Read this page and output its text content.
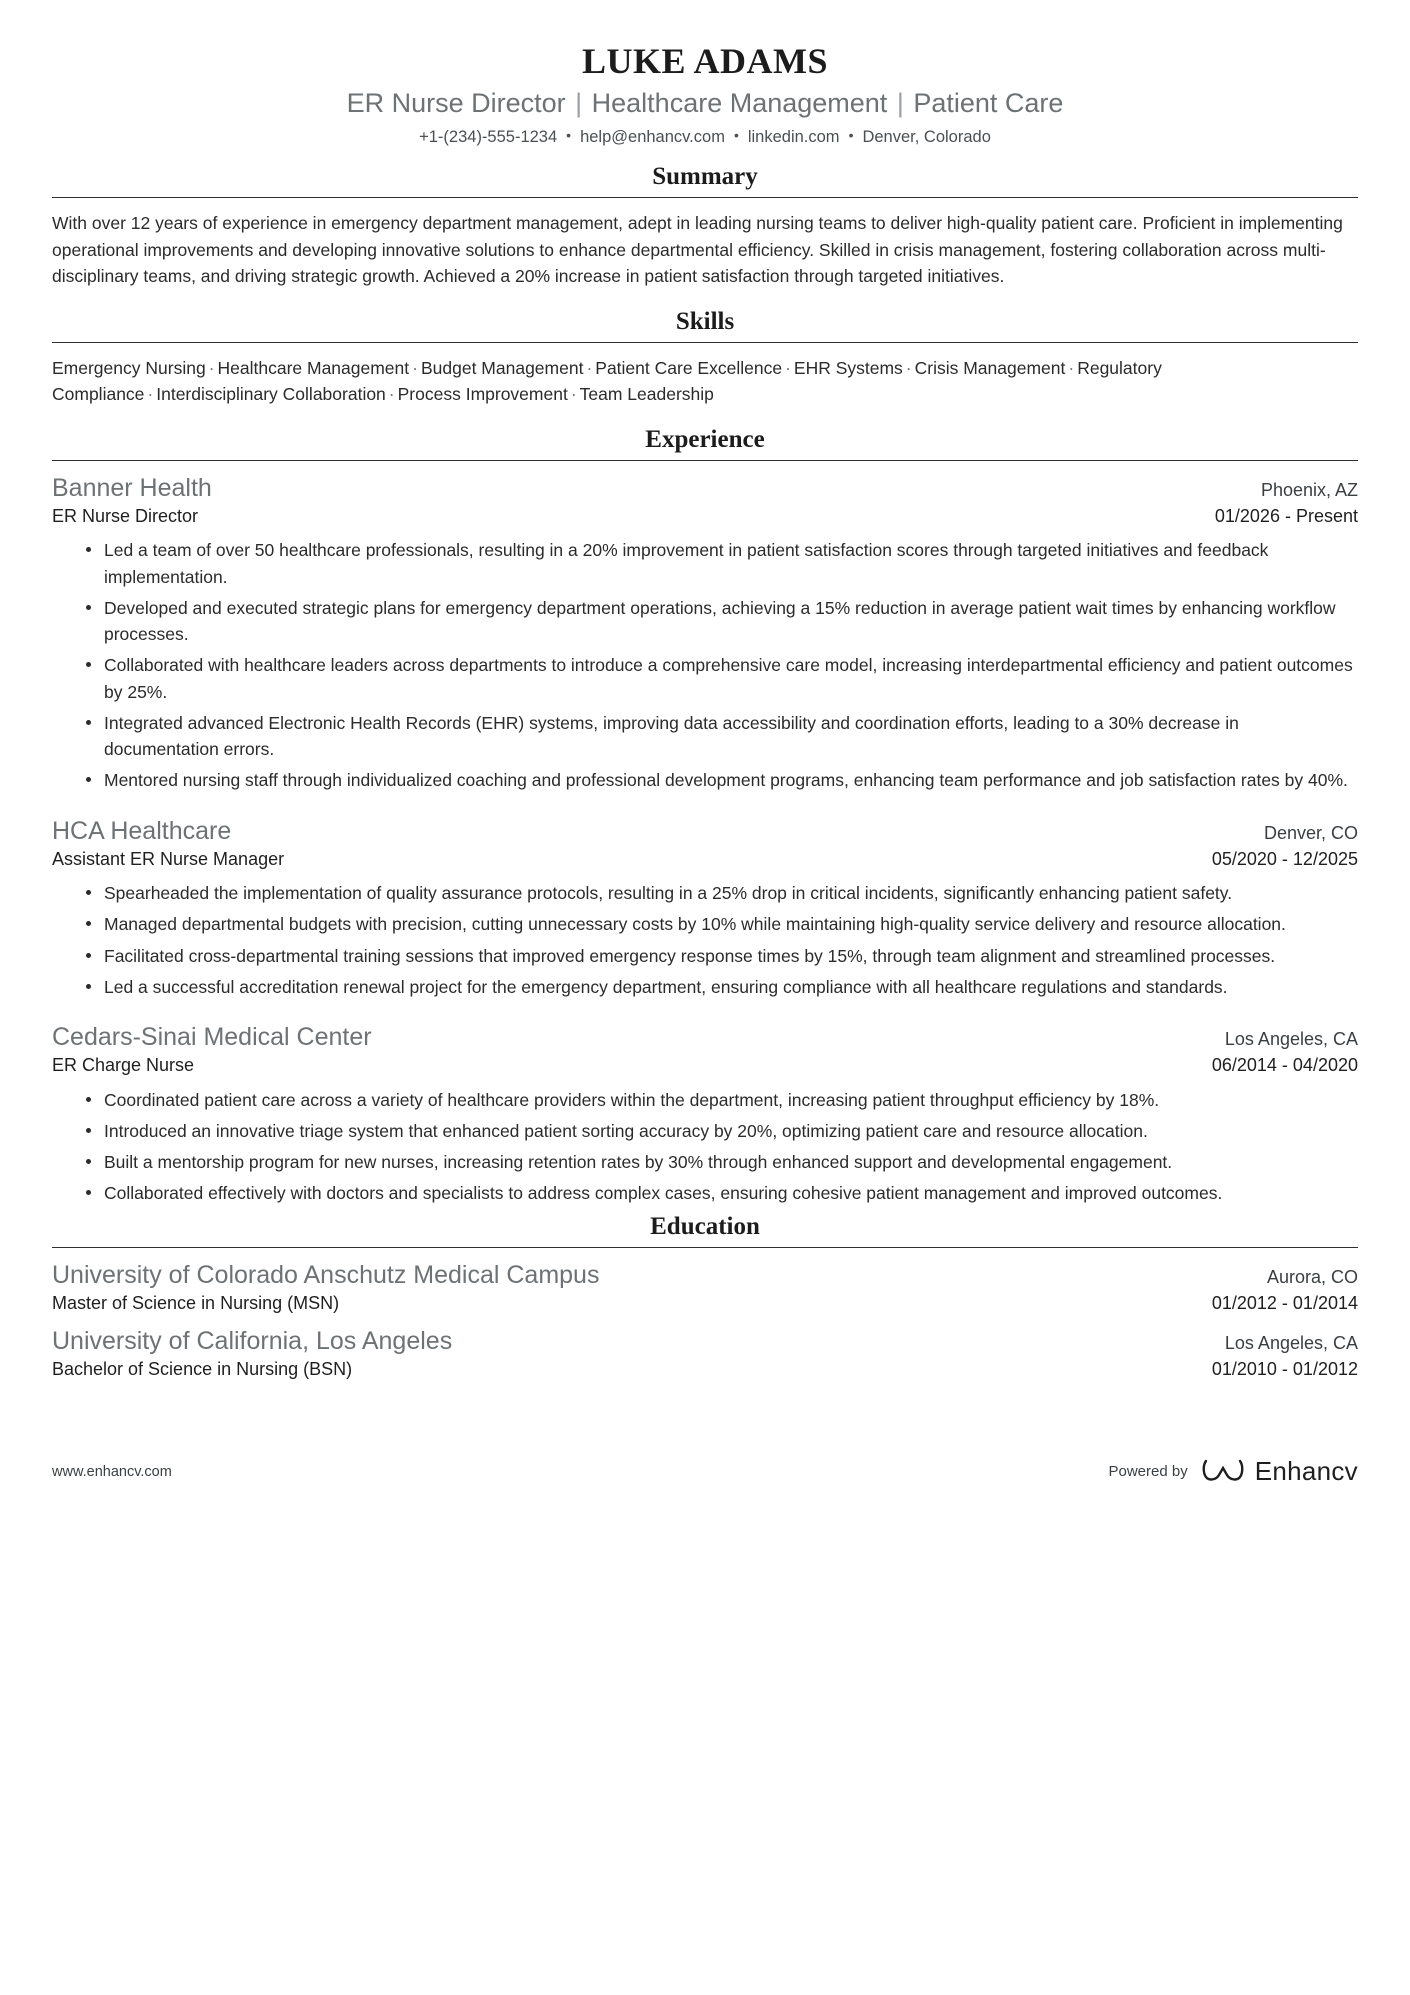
LUKE ADAMS
ER Nurse Director | Healthcare Management | Patient Care
+1-(234)-555-1234 • help@enhancv.com • linkedin.com • Denver, Colorado
Summary

With over 12 years of experience in emergency department management, adept in leading nursing teams to deliver high-quality patient care. Proficient in implementing operational improvements and developing innovative solutions to enhance departmental efficiency. Skilled in crisis management, fostering collaboration across multi-disciplinary teams, and driving strategic growth. Achieved a 20% increase in patient satisfaction through targeted initiatives.

Skills

Emergency Nursing · Healthcare Management · Budget Management · Patient Care Excellence · EHR Systems · Crisis Management · Regulatory Compliance · Interdisciplinary Collaboration · Process Improvement · Team Leadership

Experience
Banner Health	Phoenix, AZ
ER Nurse Director	01/2026 - Present
Led a team of over 50 healthcare professionals, resulting in a 20% improvement in patient satisfaction scores through targeted initiatives and feedback implementation.
Developed and executed strategic plans for emergency department operations, achieving a 15% reduction in average patient wait times by enhancing workflow processes.
Collaborated with healthcare leaders across departments to introduce a comprehensive care model, increasing interdepartmental efficiency and patient outcomes by 25%.
Integrated advanced Electronic Health Records (EHR) systems, improving data accessibility and coordination efforts, leading to a 30% decrease in documentation errors.
Mentored nursing staff through individualized coaching and professional development programs, enhancing team performance and job satisfaction rates by 40%.
HCA Healthcare	Denver, CO
Assistant ER Nurse Manager	05/2020 - 12/2025
Spearheaded the implementation of quality assurance protocols, resulting in a 25% drop in critical incidents, significantly enhancing patient safety.
Managed departmental budgets with precision, cutting unnecessary costs by 10% while maintaining high-quality service delivery and resource allocation.
Facilitated cross-departmental training sessions that improved emergency response times by 15%, through team alignment and streamlined processes.
Led a successful accreditation renewal project for the emergency department, ensuring compliance with all healthcare regulations and standards.
Cedars-Sinai Medical Center	Los Angeles, CA
ER Charge Nurse	06/2014 - 04/2020
Coordinated patient care across a variety of healthcare providers within the department, increasing patient throughput efficiency by 18%.
Introduced an innovative triage system that enhanced patient sorting accuracy by 20%, optimizing patient care and resource allocation.
Built a mentorship program for new nurses, increasing retention rates by 30% through enhanced support and developmental engagement.
Collaborated effectively with doctors and specialists to address complex cases, ensuring cohesive patient management and improved outcomes.
Education
University of Colorado Anschutz Medical Campus	Aurora, CO
Master of Science in Nursing (MSN)	01/2012 - 01/2014
University of California, Los Angeles	Los Angeles, CA
Bachelor of Science in Nursing (BSN)	01/2010 - 01/2012
www.enhancv.com	Powered by	Enhancv
